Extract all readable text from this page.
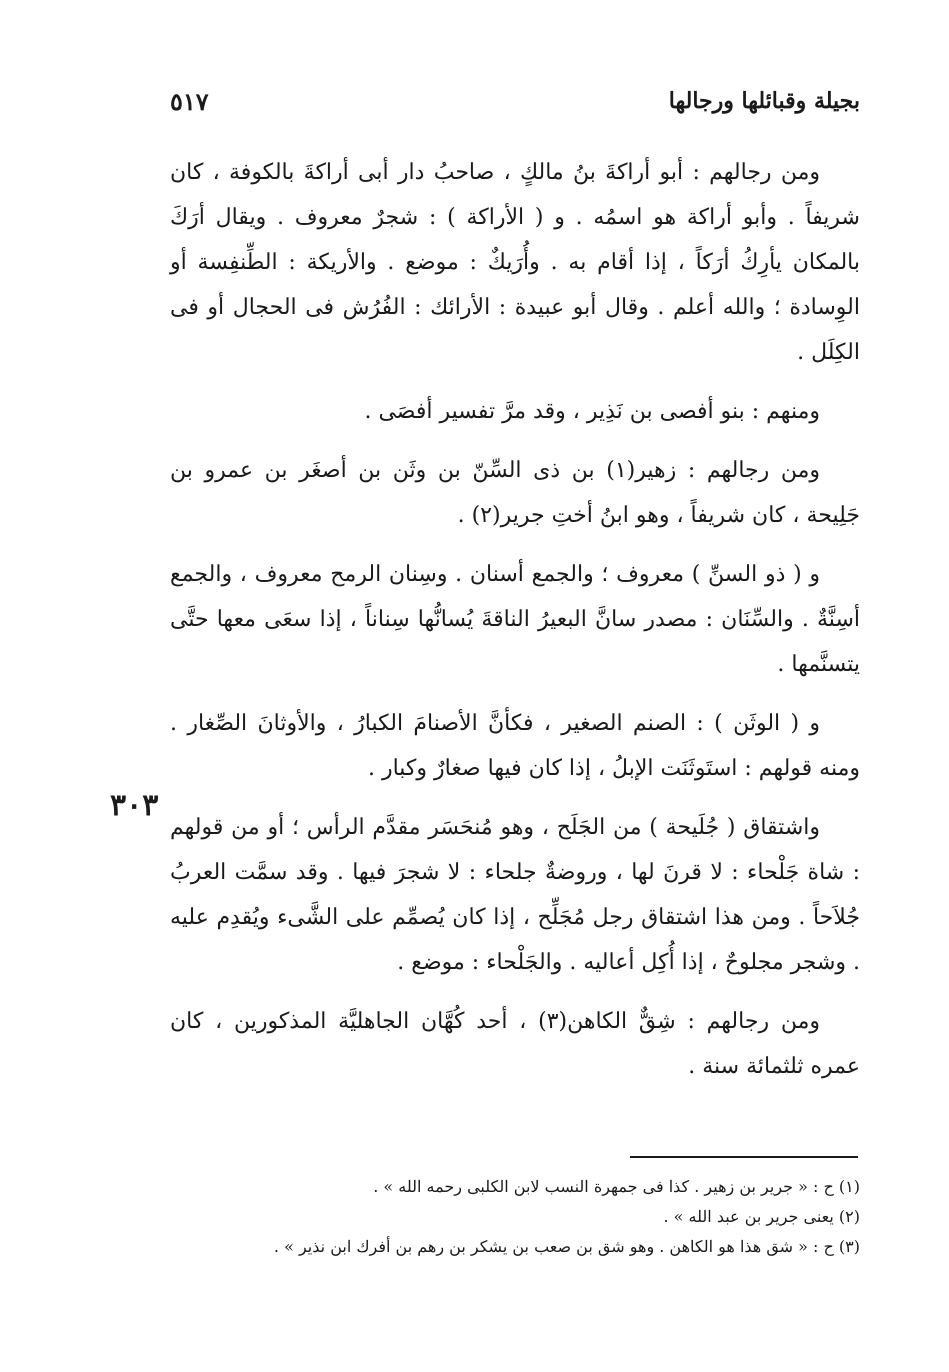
بجيلة وقبائلها ورجالها
٥١٧
٣٠٣

ومن رجالهم : أبو أراكةَ بنُ مالكٍ ، صاحبُ دار أبى أراكةَ بالكوفة ، كان شريفاً . وأبو أراكة هو اسمُه . و ( الأراكة ) : شجرٌ معروف . ويقال أرَكَ بالمكان يأرِكُ أرَكاً ، إذا أقام به . وأُرَيكٌ : موضع . والأريكة : الطِّنفِسة أو الوِسادة ؛ والله أعلم . وقال أبو عبيدة : الأرائك : الفُرُش فى الحجال أو فى الكِلَل .

ومنهم : بنو أفصى بن نَذِير ، وقد مرَّ تفسير أفصَى .

ومن رجالهم : زهير(١) بن ذى السِّنّ بن وثَن بن أصغَر بن عمرو بن جَلِيحة ، كان شريفاً ، وهو ابنُ أختِ جرير(٢) .

و ( ذو السنِّ ) معروف ؛ والجمع أسنان . وسِنان الرمح معروف ، والجمع أسِنَّةٌ . والسِّنَان : مصدر سانَّ البعيرُ الناقةَ يُسانُّها سِناناً ، إذا سعَى معها حتَّى يتسنَّمها .

و ( الوثَن ) : الصنم الصغير ، فكأنَّ الأصنامَ الكبارُ ، والأوثانَ الصِّغار . ومنه قولهم : استَوثَنَت الإبلُ ، إذا كان فيها صغارٌ وكبار .

واشتقاق ( جُلَيحة ) من الجَلَح ، وهو مُنحَسَر مقدَّم الرأس ؛ أو من قولهم : شاة جَلْحاء : لا قرنَ لها ، وروضةٌ جلحاء : لا شجرَ فيها . وقد سمَّت العربُ جُلاَحاً . ومن هذا اشتقاق رجل مُجَلِّح ، إذا كان يُصمِّم على الشَّىء ويُقدِم عليه . وشجر مجلوحٌ ، إذا أُكِل أعاليه . والجَلْحاء : موضع .

ومن رجالهم : شِقٌّ الكاهن(٣) ، أحد كُهَّان الجاهليَّة المذكورين ، كان عمره ثلثمائة سنة .

(١) ح : « جرير بن زهير . كذا فى جمهرة النسب لابن الكلبى رحمه الله » .

(٢) يعنى جرير بن عبد الله » .

(٣) ح : « شق هذا هو الكاهن . وهو شق بن صعب بن يشكر بن رهم بن أفرك ابن نذير » .
